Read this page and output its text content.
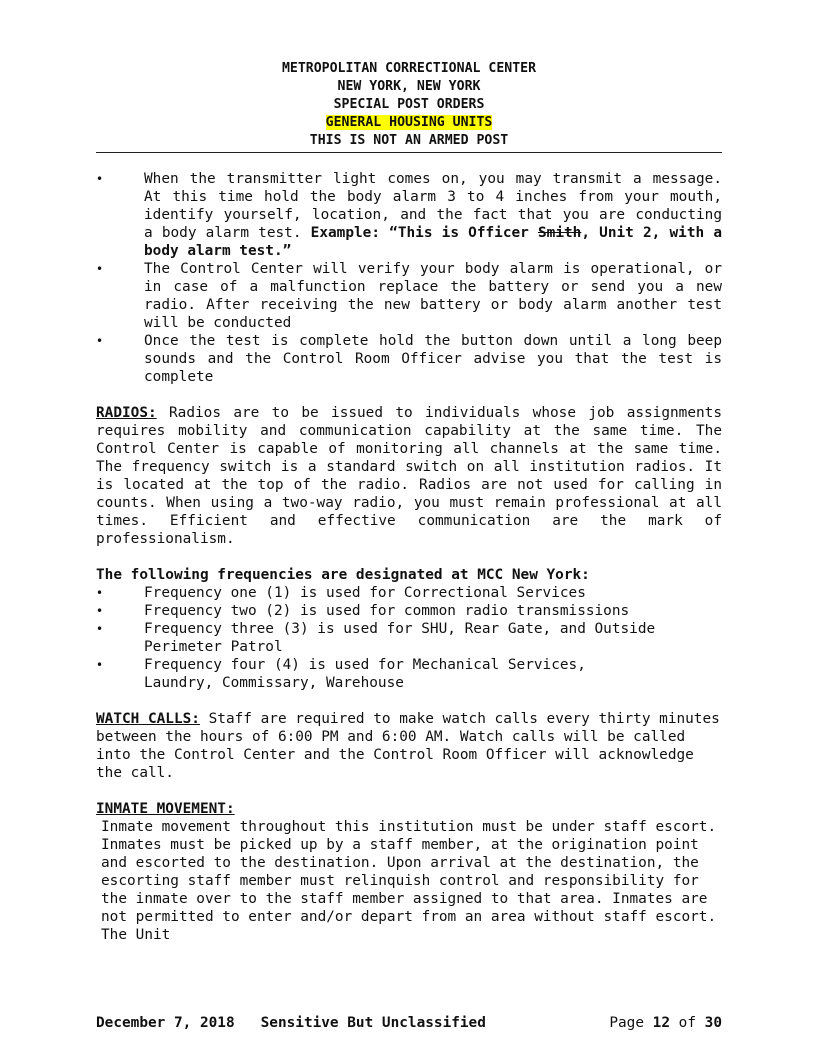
METROPOLITAN CORRECTIONAL CENTER
NEW YORK, NEW YORK
SPECIAL POST ORDERS
GENERAL HOUSING UNITS
THIS IS NOT AN ARMED POST
•	When the transmitter light comes on, you may transmit a message. At this time hold the body alarm 3 to 4 inches from your mouth, identify yourself, location, and the fact that you are conducting a body alarm test. Example: “This is Officer Smith, Unit 2, with a body alarm test.”
•	The Control Center will verify your body alarm is operational, or in case of a malfunction replace the battery or send you a new radio. After receiving the new battery or body alarm another test will be conducted
•	Once the test is complete hold the button down until a long beep sounds and the Control Room Officer advise you that the test is complete

RADIOS: Radios are to be issued to individuals whose job assignments requires mobility and communication capability at the same time. The Control Center is capable of monitoring all channels at the same time. The frequency switch is a standard switch on all institution radios. It is located at the top of the radio. Radios are not used for calling in counts. When using a two-way radio, you must remain professional at all times. Efficient and effective communication are the mark of professionalism.

The following frequencies are designated at MCC New York:

•	Frequency one (1) is used for Correctional Services
•	Frequency two (2) is used for common radio transmissions
•	Frequency three (3) is used for SHU, Rear Gate, and Outside Perimeter Patrol
•	Frequency four (4) is used for Mechanical Services, Laundry, Commissary, Warehouse

WATCH CALLS: Staff are required to make watch calls every thirty minutes between the hours of 6:00 PM and 6:00 AM. Watch calls will be called into the Control Center and the Control Room Officer will acknowledge the call.

INMATE MOVEMENT:

Inmate movement throughout this institution must be under staff escort. Inmates must be picked up by a staff member, at the origination point and escorted to the destination. Upon arrival at the destination, the escorting staff member must relinquish control and responsibility for the inmate over to the staff member assigned to that area. Inmates are not permitted to enter and/or depart from an area without staff escort. The Unit

December 7, 2018 Sensitive But Unclassified	Page 12 of 30
